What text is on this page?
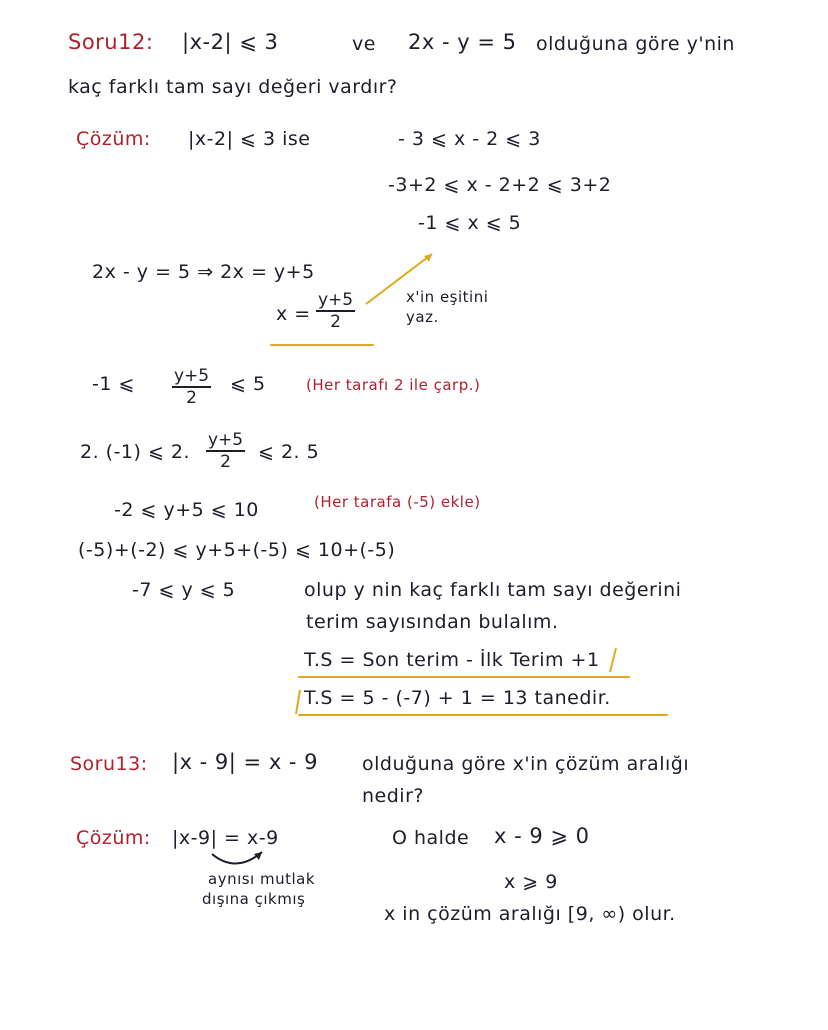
Soru12: |x-2| ⩽ 3	ve 2x - y = 5 olduğuna göre y'nin
kaç farklı tam sayı değeri vardır?
Çözüm: |x-2| ⩽ 3 ise	- 3 ⩽ x - 2 ⩽ 3
-3+2 ⩽ x - 2+2 ⩽ 3+2
-1 ⩽ x ⩽ 5
2x - y = 5 ⇒ 2x = y+5
$x = \frac{y+5}{2}$	x'in eşitini
yaz.
-1 ⩽ $\frac{y+5}{2}$ ⩽ 5	(Her tarafı 2 ile çarp.)
2. (-1) ⩽ 2. $\frac{y+5}{2}$ ⩽ 2. 5
-2 ⩽ y+5 ⩽ 10	(Her tarafa (-5) ekle)
(-5)+(-2) ⩽ y+5+(-5) ⩽ 10+(-5)
-7 ⩽ y ⩽ 5	olup y nin kaç farklı tam sayı değerini
terim sayısından bulalım.
T.S = Son terim - İlk Terim +1
T.S = 5 - (-7) + 1 = 13 tanedir.
Soru13: |x - 9| = x - 9 olduğuna göre x'in çözüm aralığı
nedir?
Çözüm: |x-9| = x-9	O halde x - 9 ⩾ 0
aynısı mutlak
dışına çıkmış
x ⩾ 9
x in çözüm aralığı [9, ∞) olur.
